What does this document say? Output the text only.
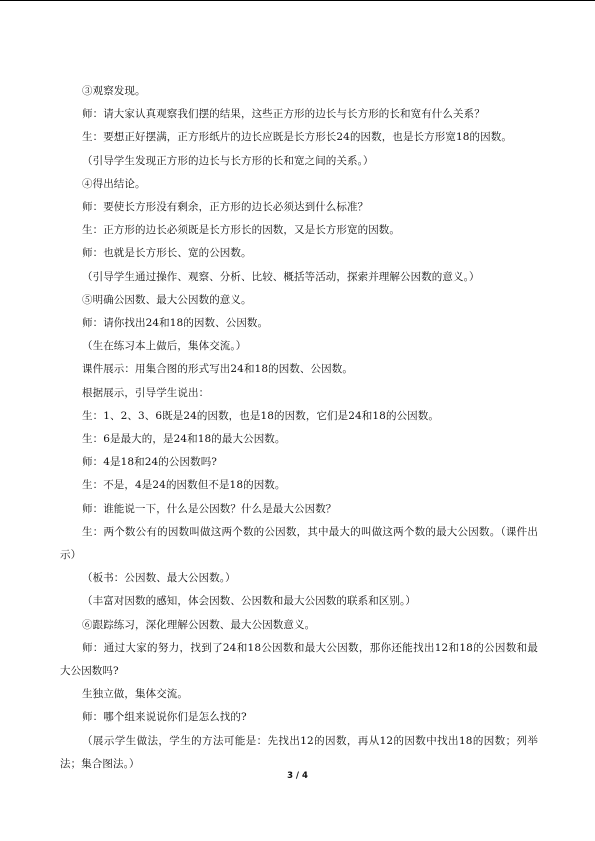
③观察发现。

师：请大家认真观察我们摆的结果，这些正方形的边长与长方形的长和宽有什么关系？

生：要想正好摆满，正方形纸片的边长应既是长方形长24的因数，也是长方形宽18的因数。

（引导学生发现正方形的边长与长方形的长和宽之间的关系。）

④得出结论。

师：要使长方形没有剩余，正方形的边长必须达到什么标准？

生：正方形的边长必须既是长方形长的因数，又是长方形宽的因数。

师：也就是长方形长、宽的公因数。

（引导学生通过操作、观察、分析、比较、概括等活动，探索并理解公因数的意义。）

⑤明确公因数、最大公因数的意义。

师：请你找出24和18的因数、公因数。

（生在练习本上做后，集体交流。）

课件展示：用集合图的形式写出24和18的因数、公因数。

根据展示，引导学生说出：

生：1、2、3、6既是24的因数，也是18的因数，它们是24和18的公因数。

生：6是最大的，是24和18的最大公因数。

师：4是18和24的公因数吗?

生：不是，4是24的因数但不是18的因数。

师：谁能说一下，什么是公因数？什么是最大公因数？

生：两个数公有的因数叫做这两个数的公因数，其中最大的叫做这两个数的最大公因数。（课件出示）

（板书：公因数、最大公因数。）

（丰富对因数的感知，体会因数、公因数和最大公因数的联系和区别。）

⑥跟踪练习，深化理解公因数、最大公因数意义。

师：通过大家的努力，找到了24和18公因数和最大公因数，那你还能找出12和18的公因数和最大公因数吗?

生独立做，集体交流。

师：哪个组来说说你们是怎么找的?

（展示学生做法，学生的方法可能是：先找出12的因数，再从12的因数中找出18的因数；列举法；集合图法。）

3 / 4
